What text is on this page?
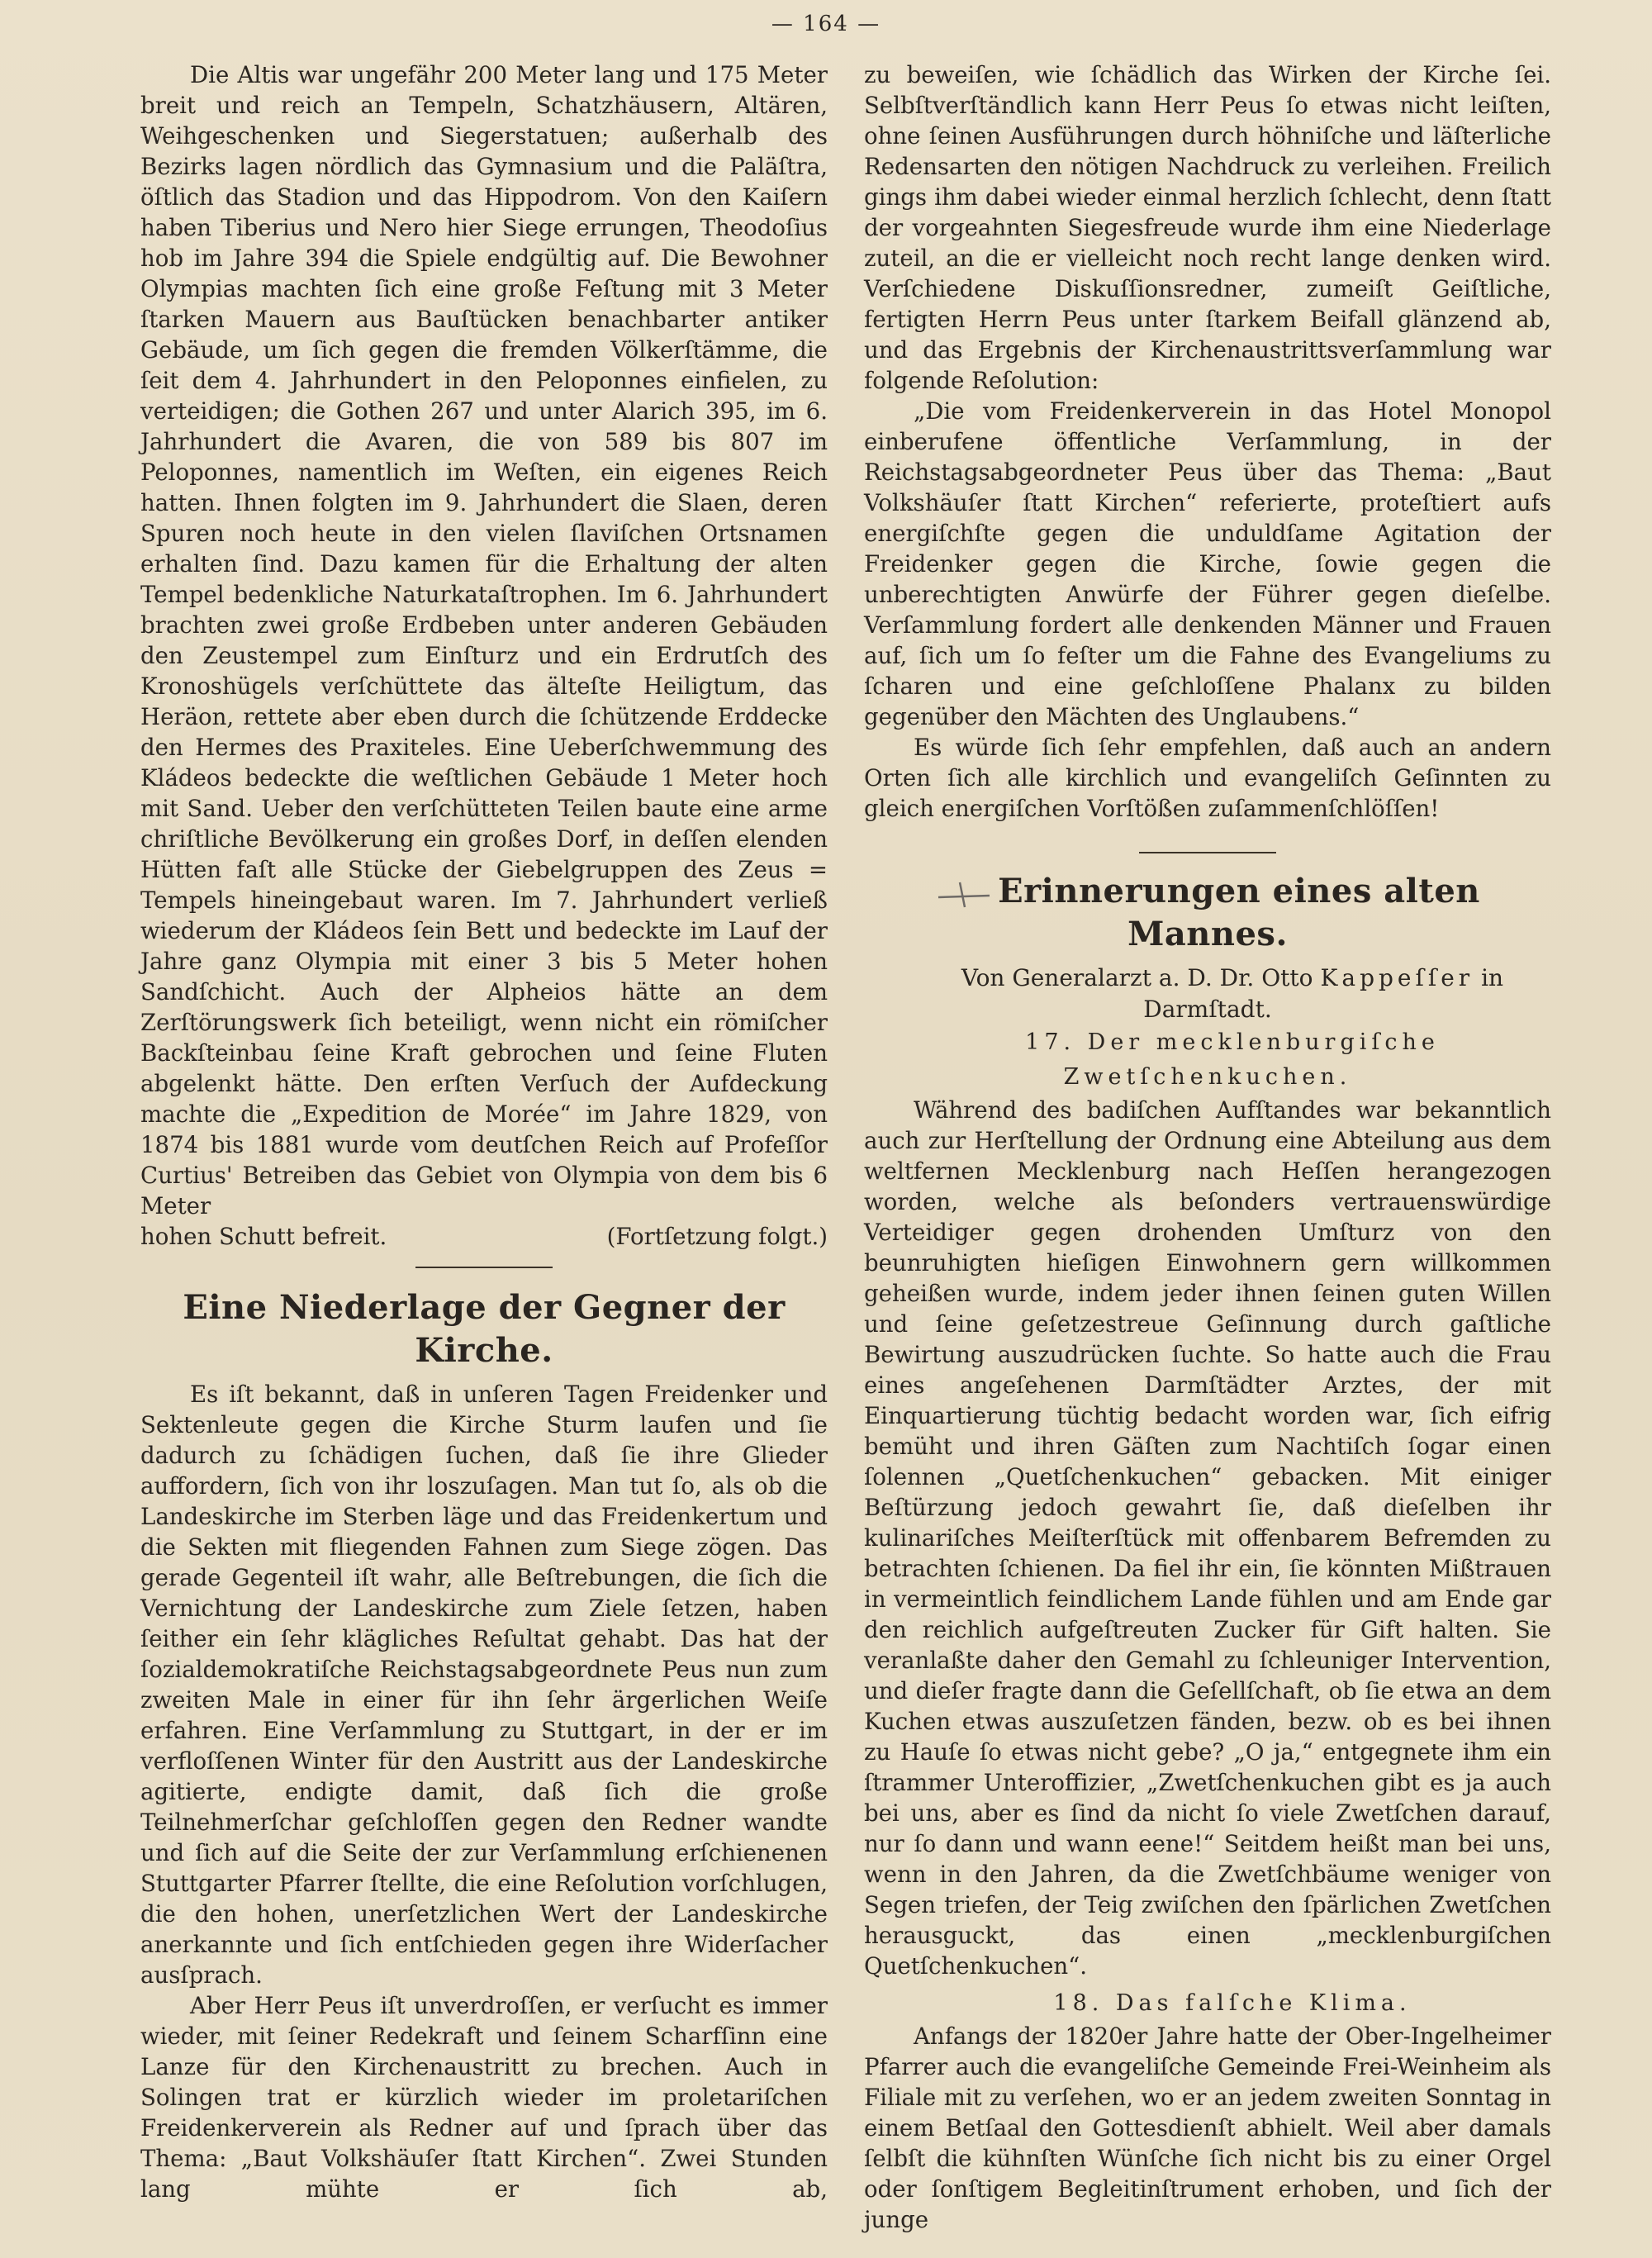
— 164 —

Die Altis war ungefähr 200 Meter lang und 175 Meter breit und reich an Tempeln, Schatzhäusern, Altären, Weihgeschenken und Siegerstatuen; außerhalb des Bezirks lagen nördlich das Gymnasium und die Paläſtra, öſtlich das Stadion und das Hippodrom. Von den Kaiſern haben Tiberius und Nero hier Siege errungen, Theodoſius hob im Jahre 394 die Spiele endgültig auf. Die Bewohner Olympias machten ſich eine große Feſtung mit 3 Meter ſtarken Mauern aus Bauſtücken benachbarter antiker Gebäude, um ſich gegen die fremden Völkerſtämme, die ſeit dem 4. Jahrhundert in den Peloponnes einfielen, zu verteidigen; die Gothen 267 und unter Alarich 395, im 6. Jahrhundert die Avaren, die von 589 bis 807 im Peloponnes, namentlich im Weſten, ein eigenes Reich hatten. Ihnen folgten im 9. Jahrhundert die Slaen, deren Spuren noch heute in den vielen ſlaviſchen Ortsnamen erhalten ſind. Dazu kamen für die Erhaltung der alten Tempel bedenkliche Naturkataſtrophen. Im 6. Jahrhundert brachten zwei große Erdbeben unter anderen Gebäuden den Zeustempel zum Einſturz und ein Erdrutſch des Kronoshügels verſchüttete das älteſte Heiligtum, das Heräon, rettete aber eben durch die ſchützende Erddecke den Hermes des Praxiteles. Eine Ueberſchwemmung des Kládeos bedeckte die weſtlichen Gebäude 1 Meter hoch mit Sand. Ueber den verſchütteten Teilen baute eine arme chriſtliche Bevölkerung ein großes Dorf, in deſſen elenden Hütten faſt alle Stücke der Giebelgruppen des Zeus = Tempels hineingebaut waren. Im 7. Jahrhundert verließ wiederum der Kládeos ſein Bett und bedeckte im Lauf der Jahre ganz Olympia mit einer 3 bis 5 Meter hohen Sandſchicht. Auch der Alpheios hätte an dem Zerſtörungswerk ſich beteiligt, wenn nicht ein römiſcher Backſteinbau ſeine Kraft gebrochen und ſeine Fluten abgelenkt hätte. Den erſten Verſuch der Aufdeckung machte die „Expedition de Morée“ im Jahre 1829, von 1874 bis 1881 wurde vom deutſchen Reich auf Profeſſor Curtius' Betreiben das Gebiet von Olympia von dem bis 6 Meter

hohen Schutt befreit.	(Fortſetzung folgt.)
Eine Niederlage der Gegner der Kirche.

Es iſt bekannt, daß in unſeren Tagen Freidenker und Sektenleute gegen die Kirche Sturm laufen und ſie dadurch zu ſchädigen ſuchen, daß ſie ihre Glieder auffordern, ſich von ihr loszuſagen. Man tut ſo, als ob die Landeskirche im Sterben läge und das Freidenkertum und die Sekten mit fliegenden Fahnen zum Siege zögen. Das gerade Gegenteil iſt wahr, alle Beſtrebungen, die ſich die Vernichtung der Landeskirche zum Ziele ſetzen, haben ſeither ein ſehr klägliches Reſultat gehabt. Das hat der ſozialdemokratiſche Reichstagsabgeordnete Peus nun zum zweiten Male in einer für ihn ſehr ärgerlichen Weiſe erfahren. Eine Verſammlung zu Stuttgart, in der er im verfloſſenen Winter für den Austritt aus der Landeskirche agitierte, endigte damit, daß ſich die große Teilnehmerſchar geſchloſſen gegen den Redner wandte und ſich auf die Seite der zur Verſammlung erſchienenen Stuttgarter Pfarrer ſtellte, die eine Reſolution vorſchlugen, die den hohen, unerſetzlichen Wert der Landeskirche anerkannte und ſich entſchieden gegen ihre Widerſacher ausſprach.

Aber Herr Peus iſt unverdroſſen, er verſucht es immer wieder, mit ſeiner Redekraft und ſeinem Scharfſinn eine Lanze für den Kirchenaustritt zu brechen. Auch in Solingen trat er kürzlich wieder im proletariſchen Freidenkerverein als Redner auf und ſprach über das Thema: „Baut Volkshäuſer ſtatt Kirchen“. Zwei Stunden lang mühte er ſich ab,

zu beweiſen, wie ſchädlich das Wirken der Kirche ſei. Selbſtverſtändlich kann Herr Peus ſo etwas nicht leiſten, ohne ſeinen Ausführungen durch höhniſche und läſterliche Redensarten den nötigen Nachdruck zu verleihen. Freilich gings ihm dabei wieder einmal herzlich ſchlecht, denn ſtatt der vorgeahnten Siegesfreude wurde ihm eine Niederlage zuteil, an die er vielleicht noch recht lange denken wird. Verſchiedene Diskuſſionsredner, zumeiſt Geiſtliche, fertigten Herrn Peus unter ſtarkem Beifall glänzend ab, und das Ergebnis der Kirchenaustrittsverſammlung war folgende Reſolution:

„Die vom Freidenkerverein in das Hotel Monopol einberufene öffentliche Verſammlung, in der Reichstagsabgeordneter Peus über das Thema: „Baut Volkshäuſer ſtatt Kirchen“ referierte, proteſtiert aufs energiſchſte gegen die unduldſame Agitation der Freidenker gegen die Kirche, ſowie gegen die unberechtigten Anwürfe der Führer gegen dieſelbe. Verſammlung fordert alle denkenden Männer und Frauen auf, ſich um ſo feſter um die Fahne des Evangeliums zu ſcharen und eine geſchloſſene Phalanx zu bilden gegenüber den Mächten des Unglaubens.“

Es würde ſich ſehr empfehlen, daß auch an andern Orten ſich alle kirchlich und evangeliſch Geſinnten zu gleich energiſchen Vorſtößen zuſammenſchlöſſen!

Erinnerungen eines alten Mannes.

Von Generalarzt a. D. Dr. Otto Kappeſſer in Darmſtadt.

17. Der mecklenburgiſche Zwetſchenkuchen.

Während des badiſchen Aufſtandes war bekanntlich auch zur Herſtellung der Ordnung eine Abteilung aus dem weltfernen Mecklenburg nach Heſſen herangezogen worden, welche als beſonders vertrauenswürdige Verteidiger gegen drohenden Umſturz von den beunruhigten hieſigen Einwohnern gern willkommen geheißen wurde, indem jeder ihnen ſeinen guten Willen und ſeine geſetzestreue Geſinnung durch gaſtliche Bewirtung auszudrücken ſuchte. So hatte auch die Frau eines angeſehenen Darmſtädter Arztes, der mit Einquartierung tüchtig bedacht worden war, ſich eifrig bemüht und ihren Gäſten zum Nachtiſch ſogar einen ſolennen „Quetſchenkuchen“ gebacken. Mit einiger Beſtürzung jedoch gewahrt ſie, daß dieſelben ihr kulinariſches Meiſterſtück mit offenbarem Befremden zu betrachten ſchienen. Da fiel ihr ein, ſie könnten Mißtrauen in vermeintlich feindlichem Lande fühlen und am Ende gar den reichlich aufgeſtreuten Zucker für Gift halten. Sie veranlaßte daher den Gemahl zu ſchleuniger Intervention, und dieſer fragte dann die Geſellſchaft, ob ſie etwa an dem Kuchen etwas auszuſetzen fänden, bezw. ob es bei ihnen zu Hauſe ſo etwas nicht gebe? „O ja,“ entgegnete ihm ein ſtrammer Unteroffizier, „Zwetſchenkuchen gibt es ja auch bei uns, aber es ſind da nicht ſo viele Zwetſchen darauf, nur ſo dann und wann eene!“ Seitdem heißt man bei uns, wenn in den Jahren, da die Zwetſchbäume weniger von Segen triefen, der Teig zwiſchen den ſpärlichen Zwetſchen herausguckt, das einen „mecklenburgiſchen Quetſchenkuchen“.

18. Das falſche Klima.

Anfangs der 1820er Jahre hatte der Ober-Ingelheimer Pfarrer auch die evangeliſche Gemeinde Frei-Weinheim als Filiale mit zu verſehen, wo er an jedem zweiten Sonntag in einem Betſaal den Gottesdienſt abhielt. Weil aber damals ſelbſt die kühnſten Wünſche ſich nicht bis zu einer Orgel oder ſonſtigem Begleitinſtrument erhoben, und ſich der junge
